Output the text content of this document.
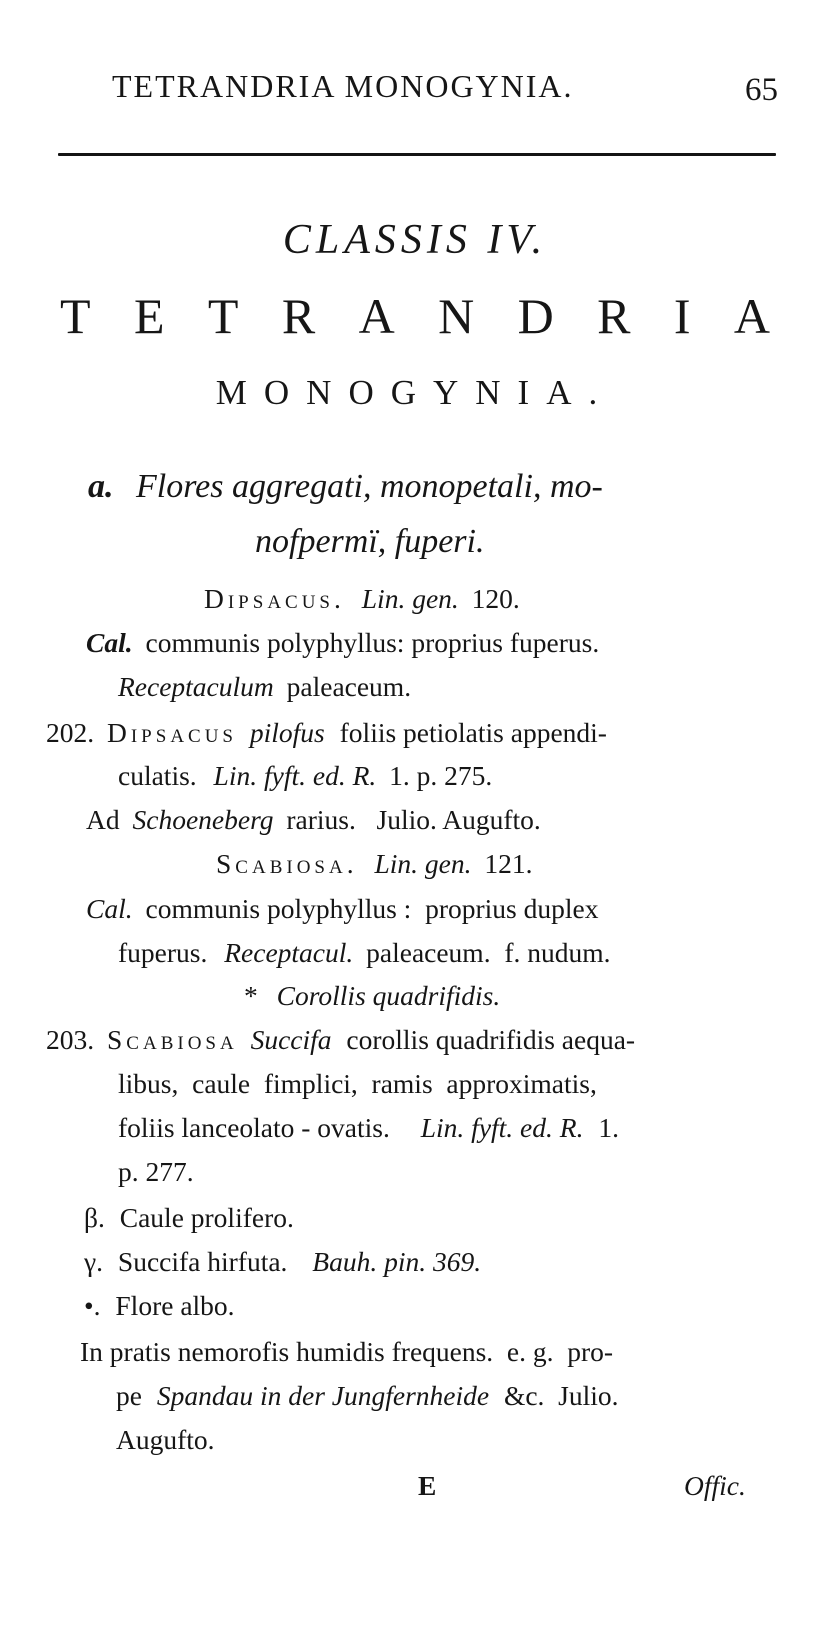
TETRANDRIA MONOGYNIA.	65
CLASSIS IV.
T E T R A N D R I A
MONOGYNIA.
a. Flores aggregati, monopetali, mo-
nofpermï, fuperi.
Dipsacus. Lin. gen. 120.
Cal. communis polyphyllus: proprius fuperus.
Receptaculum paleaceum.
202. Dipsacus pilofus foliis petiolatis appendi-
culatis. Lin. fyft. ed. R. 1. p. 275.
Ad Schoeneberg rarius.   Julio. Augufto.
Scabiosa. Lin. gen. 121.
Cal. communis polyphyllus :  proprius duplex
fuperus. Receptacul. paleaceum.  f. nudum.
* Corollis quadrifidis.
203. Scabiosa Succifa corollis quadrifidis aequa-
libus,  caule  fimplici,  ramis  approximatis,
foliis lanceolato - ovatis. Lin. fyft. ed. R. 1.
p. 277.
β. Caule prolifero.
γ. Succifa hirfuta. Bauh. pin. 369.
•. Flore albo.
In pratis nemorofis humidis frequens.  e. g.  pro-
pe Spandau in der Jungfernheide &c.  Julio.
Augufto.
E	Offic.
